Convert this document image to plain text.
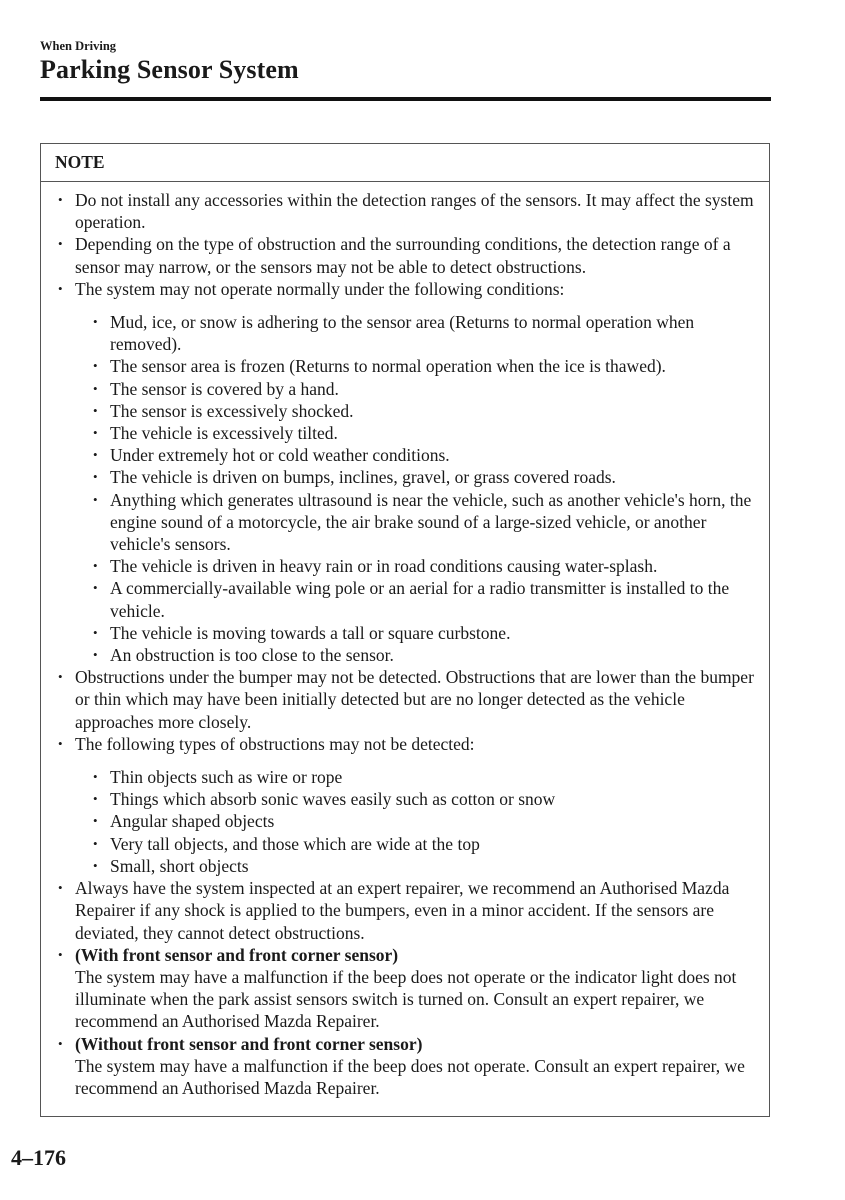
When Driving
Parking Sensor System
NOTE
• Do not install any accessories within the detection ranges of the sensors. It may affect the system operation.
• Depending on the type of obstruction and the surrounding conditions, the detection range of a sensor may narrow, or the sensors may not be able to detect obstructions.
• The system may not operate normally under the following conditions:
• Mud, ice, or snow is adhering to the sensor area (Returns to normal operation when removed).
• The sensor area is frozen (Returns to normal operation when the ice is thawed).
• The sensor is covered by a hand.
• The sensor is excessively shocked.
• The vehicle is excessively tilted.
• Under extremely hot or cold weather conditions.
• The vehicle is driven on bumps, inclines, gravel, or grass covered roads.
• Anything which generates ultrasound is near the vehicle, such as another vehicle's horn, the engine sound of a motorcycle, the air brake sound of a large-sized vehicle, or another vehicle's sensors.
• The vehicle is driven in heavy rain or in road conditions causing water-splash.
• A commercially-available wing pole or an aerial for a radio transmitter is installed to the vehicle.
• The vehicle is moving towards a tall or square curbstone.
• An obstruction is too close to the sensor.
• Obstructions under the bumper may not be detected. Obstructions that are lower than the bumper or thin which may have been initially detected but are no longer detected as the vehicle approaches more closely.
• The following types of obstructions may not be detected:
• Thin objects such as wire or rope
• Things which absorb sonic waves easily such as cotton or snow
• Angular shaped objects
• Very tall objects, and those which are wide at the top
• Small, short objects
• Always have the system inspected at an expert repairer, we recommend an Authorised Mazda Repairer if any shock is applied to the bumpers, even in a minor accident. If the sensors are deviated, they cannot detect obstructions.
• (With front sensor and front corner sensor)
The system may have a malfunction if the beep does not operate or the indicator light does not illuminate when the park assist sensors switch is turned on. Consult an expert repairer, we recommend an Authorised Mazda Repairer.
• (Without front sensor and front corner sensor)
The system may have a malfunction if the beep does not operate. Consult an expert repairer, we recommend an Authorised Mazda Repairer.
4–176
